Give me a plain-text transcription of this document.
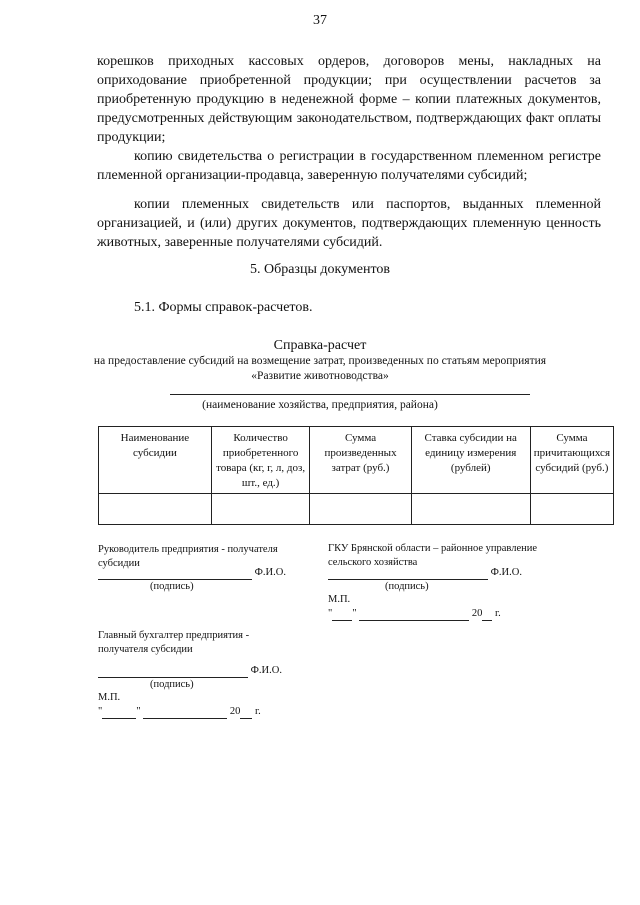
37

корешков приходных кассовых ордеров, договоров мены, накладных на оприходование приобретенной продукции; при осуществлении расчетов за приобретенную продукцию в неденежной форме – копии платежных документов, предусмотренных действующим законодательством, подтверждающих факт оплаты продукции;

копию свидетельства о регистрации в государственном племенном регистре племенной организации-продавца, заверенную получателями субсидий;

копии племенных свидетельств или паспортов, выданных племенной организацией, и (или) других документов, подтверждающих племенную ценность животных, заверенные получателями субсидий.

5. Образцы документов
5.1. Формы справок-расчетов.
Справка-расчет
на предоставление субсидий на возмещение затрат, произведенных по статьям мероприятия «Развитие животноводства»
(наименование хозяйства, предприятия, района)
Наименование субсидии	Количество приобретенного товара (кг, г, л, доз, шт., ед.)	Сумма произведенных затрат (руб.)	Ставка субсидии на единицу измерения (рублей)	Сумма причитающихся субсидий (руб.)

Руководитель предприятия - получателя субсидии
Ф.И.О.
(подпись)
ГКУ Брянской области – районное управление сельского хозяйства
Ф.И.О.
(подпись)
М.П.
" "	20 г.
Главный бухгалтер предприятия - получателя субсидии
Ф.И.О.
(подпись)
М.П.
"	"	20 г.
